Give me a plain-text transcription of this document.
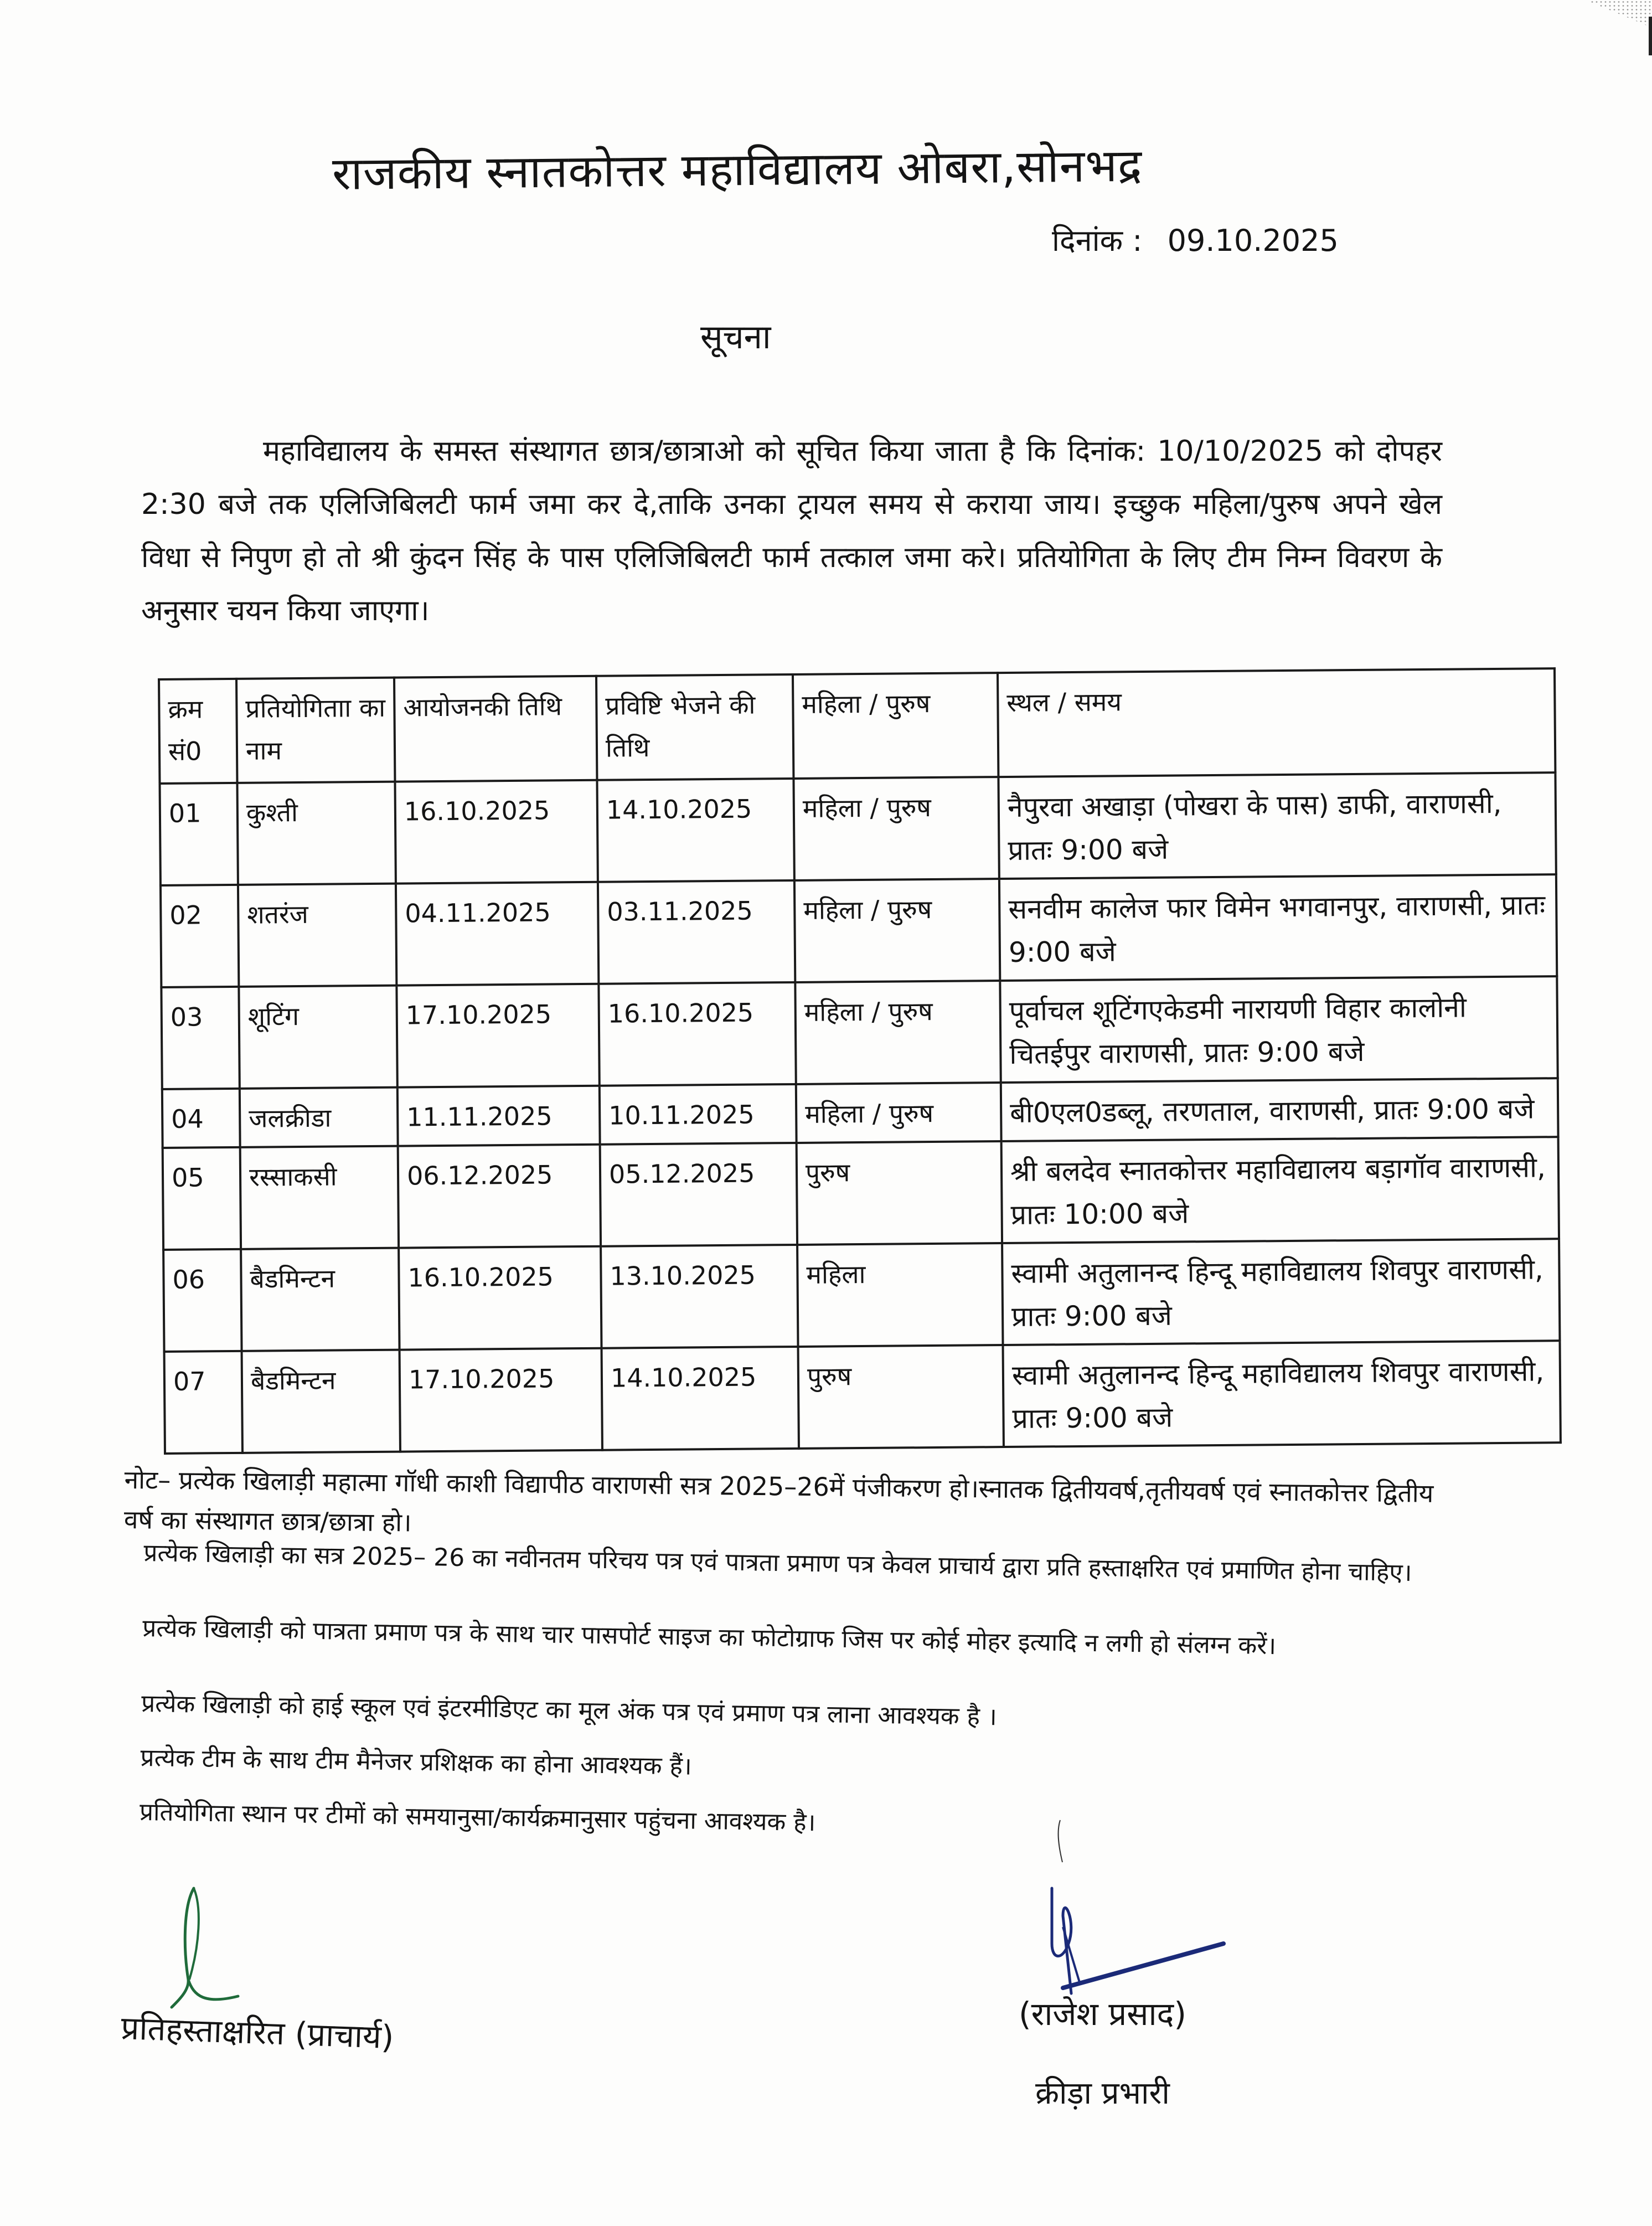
राजकीय स्नातकोत्तर महाविद्यालय ओबरा,सोनभद्र
दिनांक : 09.10.2025
सूचना

महाविद्यालय के समस्त संस्थागत छात्र/छात्राओ को सूचित किया जाता है कि दिनांक: 10/10/2025 को दोपहर 2:30 बजे तक एलिजिबिलटी फार्म जमा कर दे,ताकि उनका ट्रायल समय से कराया जाय। इच्छुक महिला/पुरुष अपने खेल विधा से निपुण हो तो श्री कुंदन सिंह के पास एलिजिबिलटी फार्म तत्काल जमा करे। प्रतियोगिता के लिए टीम निम्न विवरण के अनुसार चयन किया जाएगा।

क्रम सं0	प्रतियोगिताा का नाम	आयोजनकी तिथि	प्रविष्टि भेजने की तिथि	महिला / पुरुष	स्थल / समय
01	कुश्ती	16.10.2025	14.10.2025	महिला / पुरुष	नैपुरवा अखाड़ा (पोखरा के पास) डाफी, वाराणसी, प्रातः 9:00 बजे
02	शतरंज	04.11.2025	03.11.2025	महिला / पुरुष	सनवीम कालेज फार विमेन भगवानपुर, वाराणसी, प्रातः 9:00 बजे
03	शूटिंग	17.10.2025	16.10.2025	महिला / पुरुष	पूर्वाचल शूटिंगएकेडमी नारायणी विहार कालोनी चितईपुर वाराणसी, प्रातः 9:00 बजे
04	जलक्रीडा	11.11.2025	10.11.2025	महिला / पुरुष	बी0एल0डब्लू, तरणताल, वाराणसी, प्रातः 9:00 बजे
05	रस्साकसी	06.12.2025	05.12.2025	पुरुष	श्री बलदेव स्नातकोत्तर महाविद्यालय बड़ागॉव वाराणसी, प्रातः 10:00 बजे
06	बैडमिन्टन	16.10.2025	13.10.2025	महिला	स्वामी अतुलानन्द हिन्दू महाविद्यालय शिवपुर वाराणसी, प्रातः 9:00 बजे
07	बैडमिन्टन	17.10.2025	14.10.2025	पुरुष	स्वामी अतुलानन्द हिन्दू महाविद्यालय शिवपुर वाराणसी, प्रातः 9:00 बजे

नोट– प्रत्येक खिलाड़ी महात्मा गॉधी काशी विद्यापीठ वाराणसी सत्र 2025–26में पंजीकरण हो।स्नातक द्वितीयवर्ष,तृतीयवर्ष एवं स्नातकोत्तर द्वितीय वर्ष का संस्थागत छात्र/छात्रा हो।

प्रत्येक खिलाड़ी का सत्र 2025– 26 का नवीनतम परिचय पत्र एवं पात्रता प्रमाण पत्र केवल प्राचार्य द्वारा प्रति हस्ताक्षरित एवं प्रमाणित होना चाहिए।

प्रत्येक खिलाड़ी को पात्रता प्रमाण पत्र के साथ चार पासपोर्ट साइज का फोटोग्राफ जिस पर कोई मोहर इत्यादि न लगी हो संलग्न करें।

प्रत्येक खिलाड़ी को हाई स्कूल एवं इंटरमीडिएट का मूल अंक पत्र एवं प्रमाण पत्र लाना आवश्यक है ।

प्रत्येक टीम के साथ टीम मैनेजर प्रशिक्षक का होना आवश्यक हैं।

प्रतियोगिता स्थान पर टीमों को समयानुसा/कार्यक्रमानुसार पहुंचना आवश्यक है।

प्रतिहस्ताक्षरित (प्राचार्य)	(राजेश प्रसाद)
क्रीड़ा प्रभारी
